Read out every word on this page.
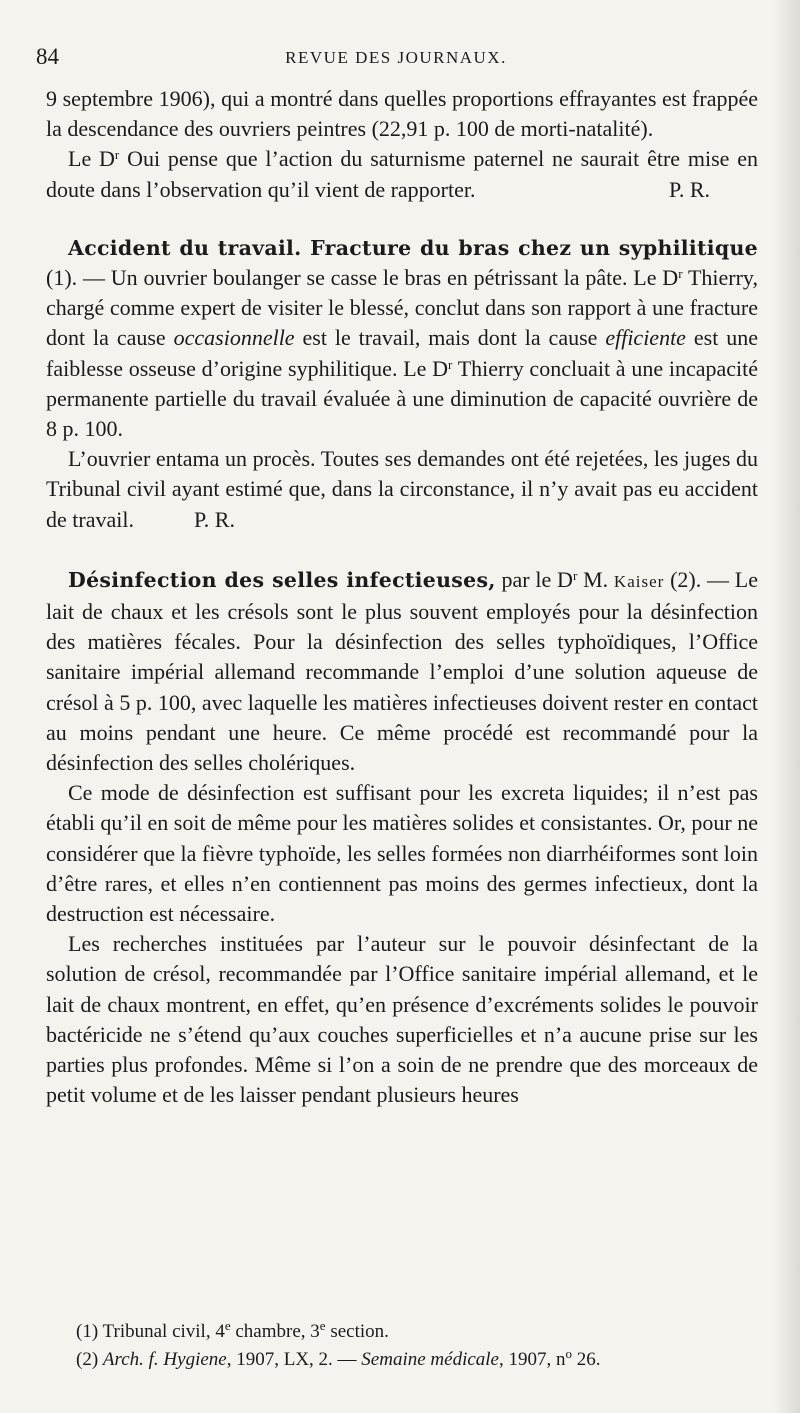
84	REVUE DES JOURNAUX.

9 septembre 1906), qui a montré dans quelles proportions effrayantes est frappée la descendance des ouvriers peintres (22,91 p. 100 de morti-natalité).

Le $D^r$ Oui pense que l’action du saturnisme paternel ne saurait être mise en doute dans l’observation qu’il vient de rapporter.	P. R.

Accident du travail. Fracture du bras chez un syphilitique (1). — Un ouvrier boulanger se casse le bras en pétrissant la pâte. Le $D^r$ Thierry, chargé comme expert de visiter le blessé, conclut dans son rapport à une fracture dont la cause occasionnelle est le travail, mais dont la cause efficiente est une faiblesse osseuse d’origine syphilitique. Le $D^r$ Thierry concluait à une incapacité permanente partielle du travail évaluée à une diminution de capacité ouvrière de 8 p. 100.

L’ouvrier entama un procès. Toutes ses demandes ont été rejetées, les juges du Tribunal civil ayant estimé que, dans la circonstance, il n’y avait pas eu accident de travail.	P. R.

Désinfection des selles infectieuses, par le $D^r$ M. Kaiser (2). — Le lait de chaux et les crésols sont le plus souvent employés pour la désinfection des matières fécales. Pour la désinfection des selles typhoïdiques, l’Office sanitaire impérial allemand recommande l’emploi d’une solution aqueuse de crésol à 5 p. 100, avec laquelle les matières infectieuses doivent rester en contact au moins pendant une heure. Ce même procédé est recommandé pour la désinfection des selles cholériques.

Ce mode de désinfection est suffisant pour les excreta liquides; il n’est pas établi qu’il en soit de même pour les matières solides et consistantes. Or, pour ne considérer que la fièvre typhoïde, les selles formées non diarrhéiformes sont loin d’être rares, et elles n’en contiennent pas moins des germes infectieux, dont la destruction est nécessaire.

Les recherches instituées par l’auteur sur le pouvoir désinfectant de la solution de crésol, recommandée par l’Office sanitaire impérial allemand, et le lait de chaux montrent, en effet, qu’en présence d’excréments solides le pouvoir bactéricide ne s’étend qu’aux couches superficielles et n’a aucune prise sur les parties plus profondes. Même si l’on a soin de ne prendre que des morceaux de petit volume et de les laisser pendant plusieurs heures

(1) Tribunal civil, 4e chambre, 3e section.

(2) Arch. f. Hygiene, 1907, LX, 2. — Semaine médicale, 1907, $n^o$ 26.
